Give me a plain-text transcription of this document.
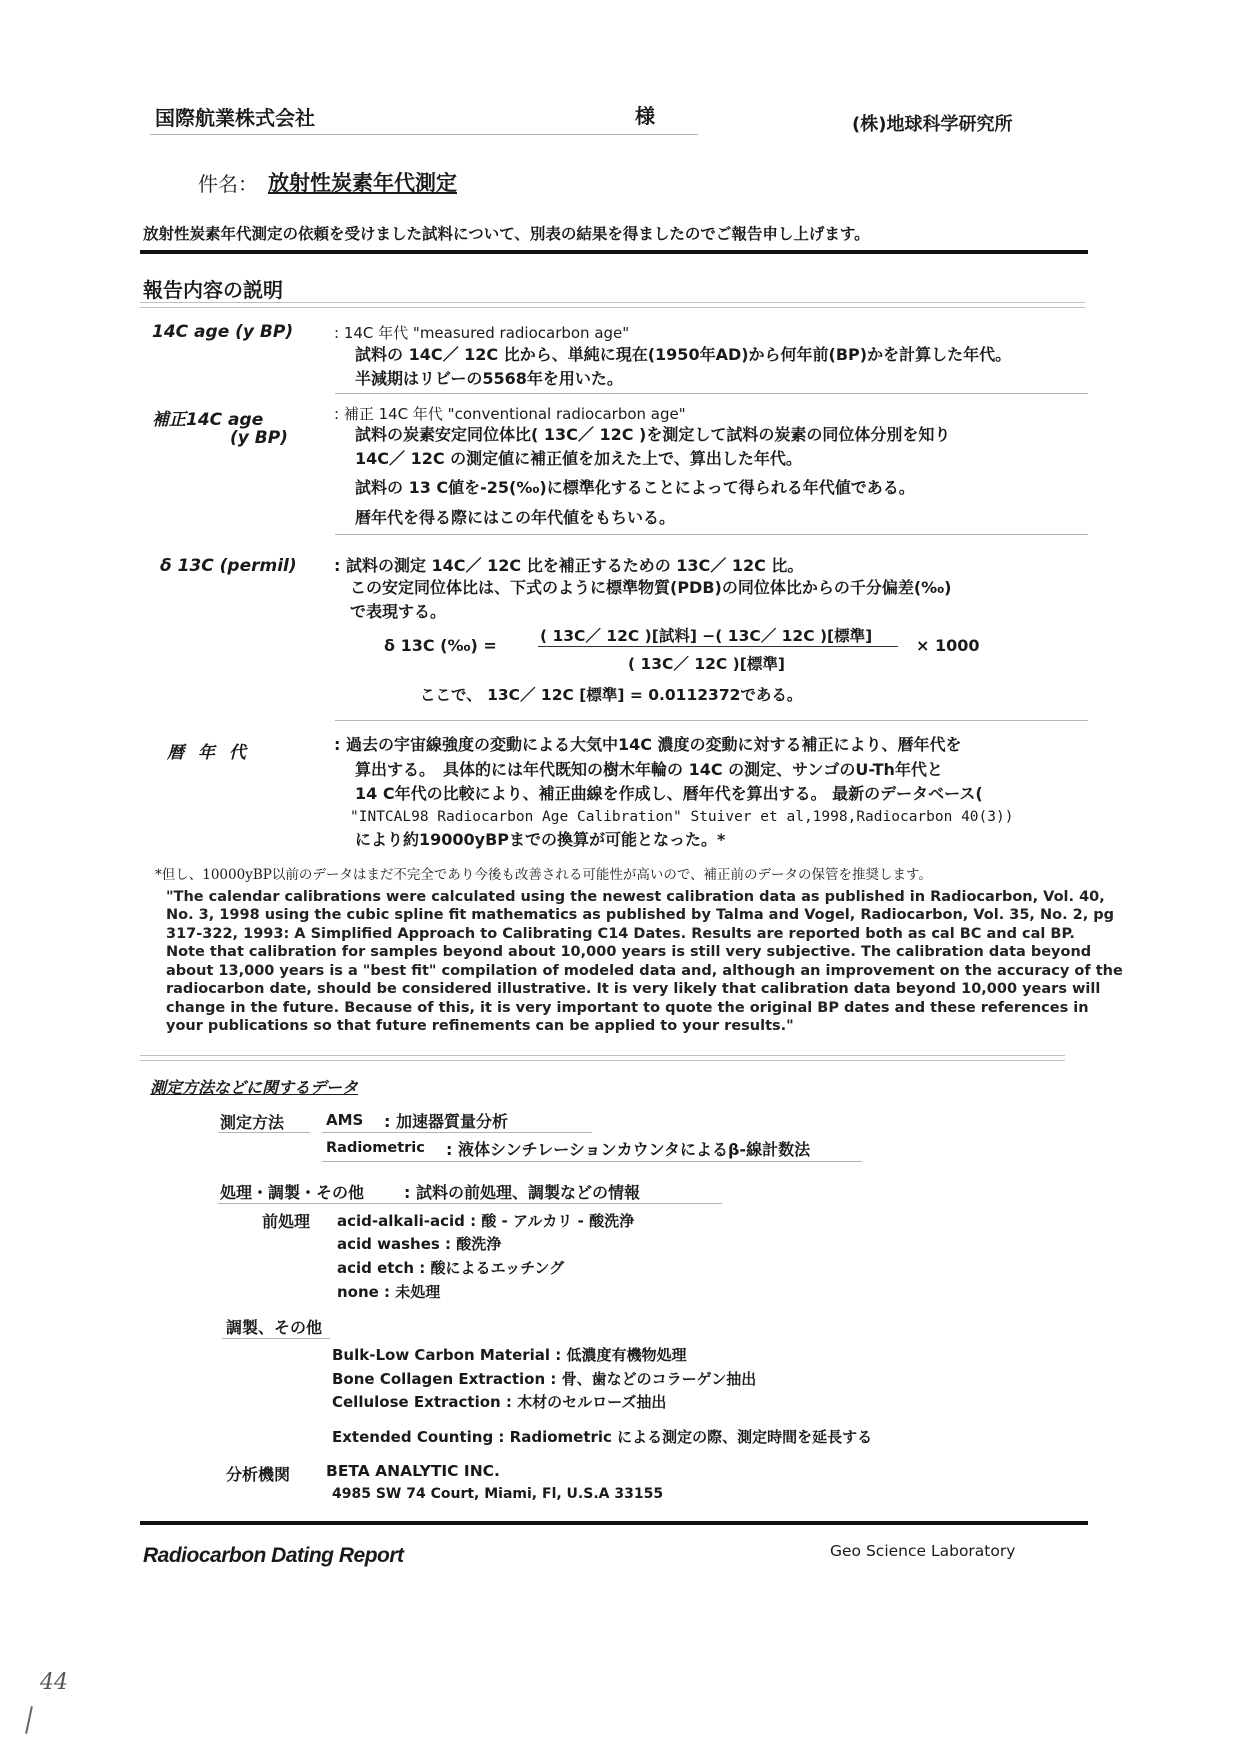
国際航業株式会社	様	(株)地球科学研究所
件名： 放射性炭素年代測定
放射性炭素年代測定の依頼を受けました試料について、別表の結果を得ましたのでご報告申し上げます。
報告内容の説明
14C age (y BP)	: 14C 年代 "measured radiocarbon age"
試料の 14C／ 12C 比から、単純に現在(1950年AD)から何年前(BP)かを計算した年代。
半減期はリビーの5568年を用いた。
補正14C age
(y BP)
: 補正 14C 年代 "conventional radiocarbon age"
試料の炭素安定同位体比( 13C／ 12C )を測定して試料の炭素の同位体分別を知り
14C／ 12C の測定値に補正値を加えた上で、算出した年代。
試料の 13 C値を-25(‰)に標準化することによって得られる年代値である。
暦年代を得る際にはこの年代値をもちいる。
δ 13C (permil) : 試料の測定 14C／ 12C 比を補正するための 13C／ 12C 比。
この安定同位体比は、下式のように標準物質(PDB)の同位体比からの千分偏差(‰)
で表現する。
δ 13C (‰) =	( 13C／ 12C )[試料] −( 13C／ 12C )[標準]
( 13C／ 12C )[標準]
× 1000
ここで、 13C／ 12C [標準] = 0.0112372である。
暦 年 代	: 過去の宇宙線強度の変動による大気中14C 濃度の変動に対する補正により、暦年代を
算出する。　具体的には年代既知の樹木年輪の 14C の測定、サンゴのU-Th年代と
14 C年代の比較により、補正曲線を作成し、暦年代を算出する。 最新のデータベース(
"INTCAL98 Radiocarbon Age Calibration" Stuiver et al,1998,Radiocarbon 40(3))
により約19000yBPまでの換算が可能となった。*
*但し、10000yBP以前のデータはまだ不完全であり今後も改善される可能性が高いので、補正前のデータの保管を推奨します。
"The calendar calibrations were calculated using the newest calibration data as published in Radiocarbon, Vol. 40,
No. 3, 1998 using the cubic spline fit mathematics as published by Talma and Vogel, Radiocarbon, Vol. 35, No. 2, pg
317-322, 1993: A Simplified Approach to Calibrating C14 Dates. Results are reported both as cal BC and cal BP.
Note that calibration for samples beyond about 10,000 years is still very subjective. The calibration data beyond
about 13,000 years is a "best fit" compilation of modeled data and, although an improvement on the accuracy of the
radiocarbon date, should be considered illustrative. It is very likely that calibration data beyond 10,000 years will
change in the future. Because of this, it is very important to quote the original BP dates and these references in
your publications so that future refinements can be applied to your results."
測定方法などに関するデータ
測定方法	AMS : 加速器質量分析
Radiometric : 液体シンチレーションカウンタによるβ-線計数法
処理・調製・その他 : 試料の前処理、調製などの情報
前処理 acid-alkali-acid : 酸 - アルカリ - 酸洗浄
acid washes : 酸洗浄
acid etch : 酸によるエッチング
none : 未処理
調製、その他
Bulk-Low Carbon Material : 低濃度有機物処理
Bone Collagen Extraction : 骨、歯などのコラーゲン抽出
Cellulose Extraction : 木材のセルローズ抽出
Extended Counting : Radiometric による測定の際、測定時間を延長する
分析機関 BETA ANALYTIC INC.
4985 SW 74 Court, Miami, Fl, U.S.A 33155
Radiocarbon Dating Report	Geo Science Laboratory
44
